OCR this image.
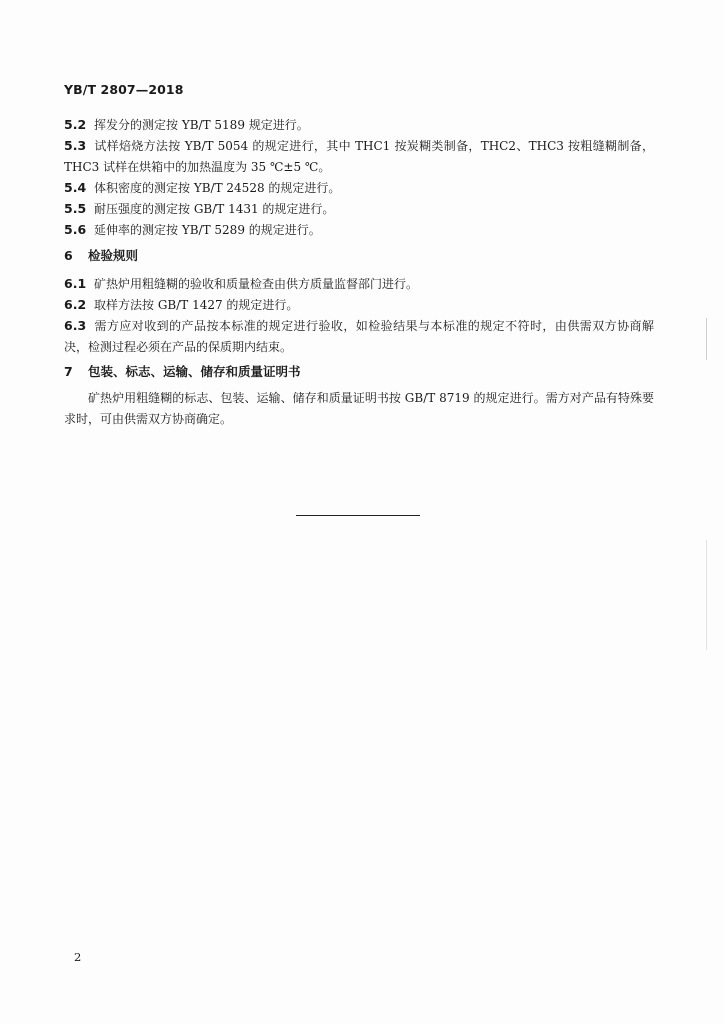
YB/T 2807—2018
5.2 挥发分的测定按 YB/T 5189 规定进行。
5.3 试样焙烧方法按 YB/T 5054 的规定进行，其中 THC1 按炭糊类制备，THC2、THC3 按粗缝糊制备，THC3 试样在烘箱中的加热温度为 35 ℃±5 ℃。
5.4 体积密度的测定按 YB/T 24528 的规定进行。
5.5 耐压强度的测定按 GB/T 1431 的规定进行。
5.6 延伸率的测定按 YB/T 5289 的规定进行。
6 检验规则
6.1 矿热炉用粗缝糊的验收和质量检查由供方质量监督部门进行。
6.2 取样方法按 GB/T 1427 的规定进行。
6.3 需方应对收到的产品按本标准的规定进行验收，如检验结果与本标准的规定不符时，由供需双方协商解决，检测过程必须在产品的保质期内结束。
7 包装、标志、运输、储存和质量证明书
矿热炉用粗缝糊的标志、包装、运输、储存和质量证明书按 GB/T 8719 的规定进行。需方对产品有特殊要求时，可由供需双方协商确定。
2
